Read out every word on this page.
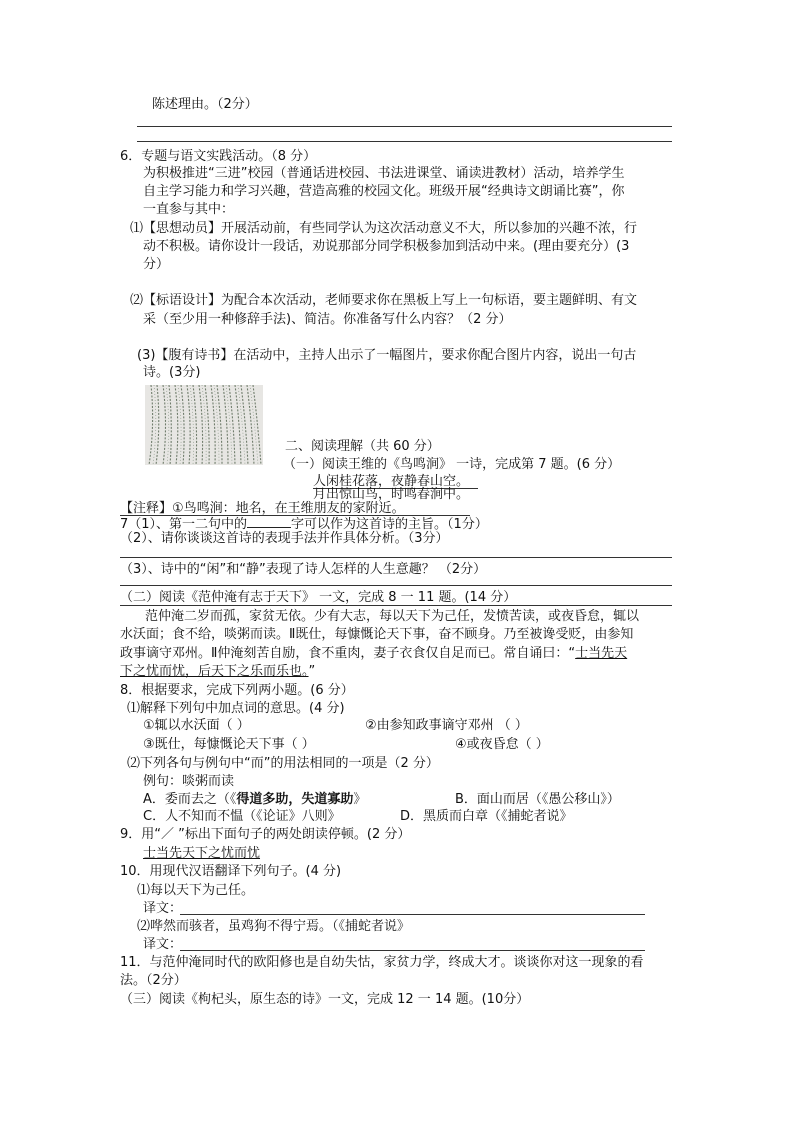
陈述理由。（2分）
6．专题与语文实践活动。（8 分）
为积极推进“三进”校园（普通话进校园、书法进课堂、诵读进教材）活动，培养学生
自主学习能力和学习兴趣，营造高雅的校园文化。班级开展“经典诗文朗诵比赛”，你
一直参与其中：
⑴【思想动员】开展活动前，有些同学认为这次活动意义不大，所以参加的兴趣不浓，行
动不积极。请你设计一段话，劝说那部分同学积极参加到活动中来。(理由要充分）(3
分）
⑵【标语设计】为配合本次活动，老师要求你在黑板上写上一句标语，要主题鲜明、有文
采（至少用一种修辞手法)、简洁。你准备写什么内容？（2 分）
(3)【腹有诗书】在活动中，主持人出示了一幅图片，要求你配合图片内容，说出一句古
诗。(3分)
二、阅读理解（共 60 分）
（一）阅读王维的《鸟鸣涧》 一诗，完成第 7 题。(6 分）
人闲桂花落，夜静春山空。
月出惊山鸟，时鸣春涧中。
【注释】①鸟鸣涧：地名，在王维朋友的家附近。
7（1）、第一二句中的	字可以作为这首诗的主旨。（1分）
（2）、请你谈谈这首诗的表现手法并作具体分析。（3分）
（3）、诗中的“闲”和“静”表现了诗人怎样的人生意趣？ （2分）
（二）阅读《范仲淹有志于天下》 一文，完成 8 一 11 题。(14 分）
范仲淹二岁而孤，家贫无依。少有大志，每以天下为己任，发愤苦读，或夜昏怠，辄以
水沃面；食不给，啖粥而读。Ⅱ既仕，每慷慨论天下事，奋不顾身。乃至被谗受贬，由参知
政事谪守邓州。Ⅱ仲淹刻苦自励，食不重肉，妻子衣食仅自足而已。常自诵曰：“士当先天
下之忧而忧，后天下之乐而乐也。”
8．根据要求，完成下列两小题。(6 分）
⑴解释下列句中加点词的意思。(4 分)
①辄以水沃面（ ）	②由参知政事谪守邓州 （ ）
③既仕，每慷慨论天下事（ ）	④或夜昏怠（ ）
⑵下列各句与例句中“而”的用法相同的一项是（2 分）
例句：啖粥而读
A．委而去之（《得道多助，失道寡助》	B．面山而居（《愚公移山》）
C．人不知而不愠（《论证》八则》	D．黑质而白章（《捕蛇者说》
9．用“／ ”标出下面句子的两处朗读停顿。(2 分）
士当先天下之忧而忧
10．用现代汉语翻译下列句子。(4 分)
⑴每以天下为己任。
译文：
⑵哗然而骇者，虽鸡狗不得宁焉。（《捕蛇者说》
译文：
11．与范仲淹同时代的欧阳修也是自幼失怙，家贫力学，终成大才。谈谈你对这一现象的看
法。（2分）
（三）阅读《枸杞头，原生态的诗》一文，完成 12 一 14 题。(10分）
